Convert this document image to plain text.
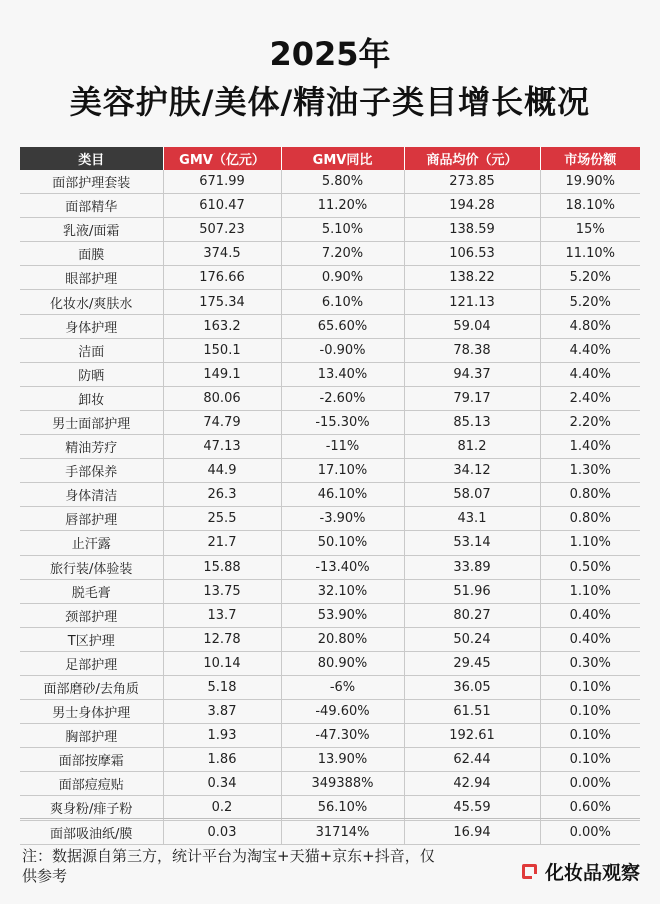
2025年
美容护肤/美体/精油子类目增长概况
类目	GMV（亿元）	GMV同比	商品均价（元）	市场份额
面部护理套装	671.99	5.80%	273.85	19.90%
面部精华	610.47	11.20%	194.28	18.10%
乳液/面霜	507.23	5.10%	138.59	15%
面膜	374.5	7.20%	106.53	11.10%
眼部护理	176.66	0.90%	138.22	5.20%
化妆水/爽肤水	175.34	6.10%	121.13	5.20%
身体护理	163.2	65.60%	59.04	4.80%
洁面	150.1	-0.90%	78.38	4.40%
防晒	149.1	13.40%	94.37	4.40%
卸妆	80.06	-2.60%	79.17	2.40%
男士面部护理	74.79	-15.30%	85.13	2.20%
精油芳疗	47.13	-11%	81.2	1.40%
手部保养	44.9	17.10%	34.12	1.30%
身体清洁	26.3	46.10%	58.07	0.80%
唇部护理	25.5	-3.90%	43.1	0.80%
止汗露	21.7	50.10%	53.14	1.10%
旅行装/体验装	15.88	-13.40%	33.89	0.50%
脱毛膏	13.75	32.10%	51.96	1.10%
颈部护理	13.7	53.90%	80.27	0.40%
T区护理	12.78	20.80%	50.24	0.40%
足部护理	10.14	80.90%	29.45	0.30%
面部磨砂/去角质	5.18	-6%	36.05	0.10%
男士身体护理	3.87	-49.60%	61.51	0.10%
胸部护理	1.93	-47.30%	192.61	0.10%
面部按摩霜	1.86	13.90%	62.44	0.10%
面部痘痘贴	0.34	349388%	42.94	0.00%
爽身粉/痱子粉	0.2	56.10%	45.59	0.60%
面部吸油纸/膜	0.03	31714%	16.94	0.00%
注：数据源自第三方，统计平台为淘宝+天猫+京东+抖音，仅供参考	化妆品观察
